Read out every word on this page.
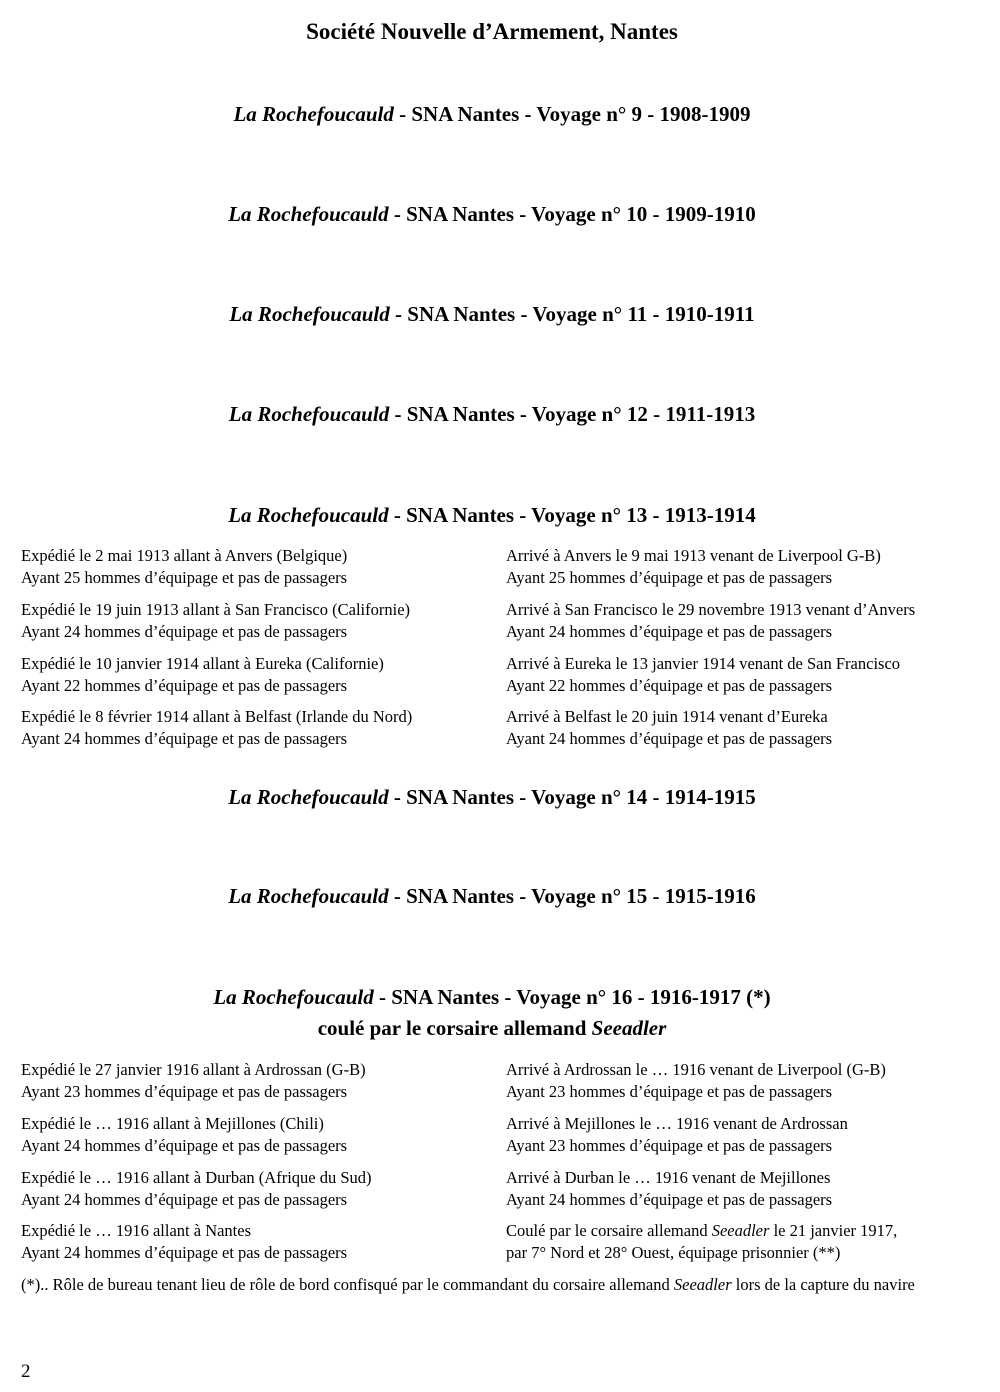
Société Nouvelle d’Armement, Nantes
La Rochefoucauld - SNA Nantes - Voyage n° 9 - 1908-1909
La Rochefoucauld - SNA Nantes - Voyage n° 10 - 1909-1910
La Rochefoucauld - SNA Nantes - Voyage n° 11 - 1910-1911
La Rochefoucauld - SNA Nantes - Voyage n° 12 - 1911-1913
La Rochefoucauld - SNA Nantes - Voyage n° 13 - 1913-1914
Expédié le 2 mai 1913 allant à Anvers (Belgique)
Ayant 25 hommes d’équipage et pas de passagers
Arrivé à Anvers le 9 mai 1913 venant de Liverpool G-B)
Ayant 25 hommes d’équipage et pas de passagers
Expédié le 19 juin 1913 allant à San Francisco (Californie)
Ayant 24 hommes d’équipage et pas de passagers
Arrivé à San Francisco le 29 novembre 1913 venant d’Anvers
Ayant 24 hommes d’équipage et pas de passagers
Expédié le 10 janvier 1914 allant à Eureka (Californie)
Ayant 22 hommes d’équipage et pas de passagers
Arrivé à Eureka le 13 janvier 1914 venant de San Francisco
Ayant 22 hommes d’équipage et pas de passagers
Expédié le 8 février 1914 allant à Belfast (Irlande du Nord)
Ayant 24 hommes d’équipage et pas de passagers
Arrivé à Belfast le 20 juin 1914 venant d’Eureka
Ayant 24 hommes d’équipage et pas de passagers
La Rochefoucauld - SNA Nantes - Voyage n° 14 - 1914-1915
La Rochefoucauld - SNA Nantes - Voyage n° 15 - 1915-1916
La Rochefoucauld - SNA Nantes - Voyage n° 16 - 1916-1917 (*)
coulé par le corsaire allemand Seeadler
Expédié le 27 janvier 1916 allant à Ardrossan (G-B)
Ayant 23 hommes d’équipage et pas de passagers
Arrivé à Ardrossan le … 1916 venant de Liverpool (G-B)
Ayant 23 hommes d’équipage et pas de passagers
Expédié le … 1916 allant à Mejillones (Chili)
Ayant 24 hommes d’équipage et pas de passagers
Arrivé à Mejillones le … 1916 venant de Ardrossan
Ayant 23 hommes d’équipage et pas de passagers
Expédié le … 1916 allant à Durban (Afrique du Sud)
Ayant 24 hommes d’équipage et pas de passagers
Arrivé à Durban le … 1916 venant de Mejillones
Ayant 24 hommes d’équipage et pas de passagers
Expédié le … 1916 allant à Nantes
Ayant 24 hommes d’équipage et pas de passagers
Coulé par le corsaire allemand Seeadler le 21 janvier 1917,
par 7° Nord et 28° Ouest, équipage prisonnier (**)
(*).. Rôle de bureau tenant lieu de rôle de bord confisqué par le commandant du corsaire allemand Seeadler lors de la capture du navire
2
